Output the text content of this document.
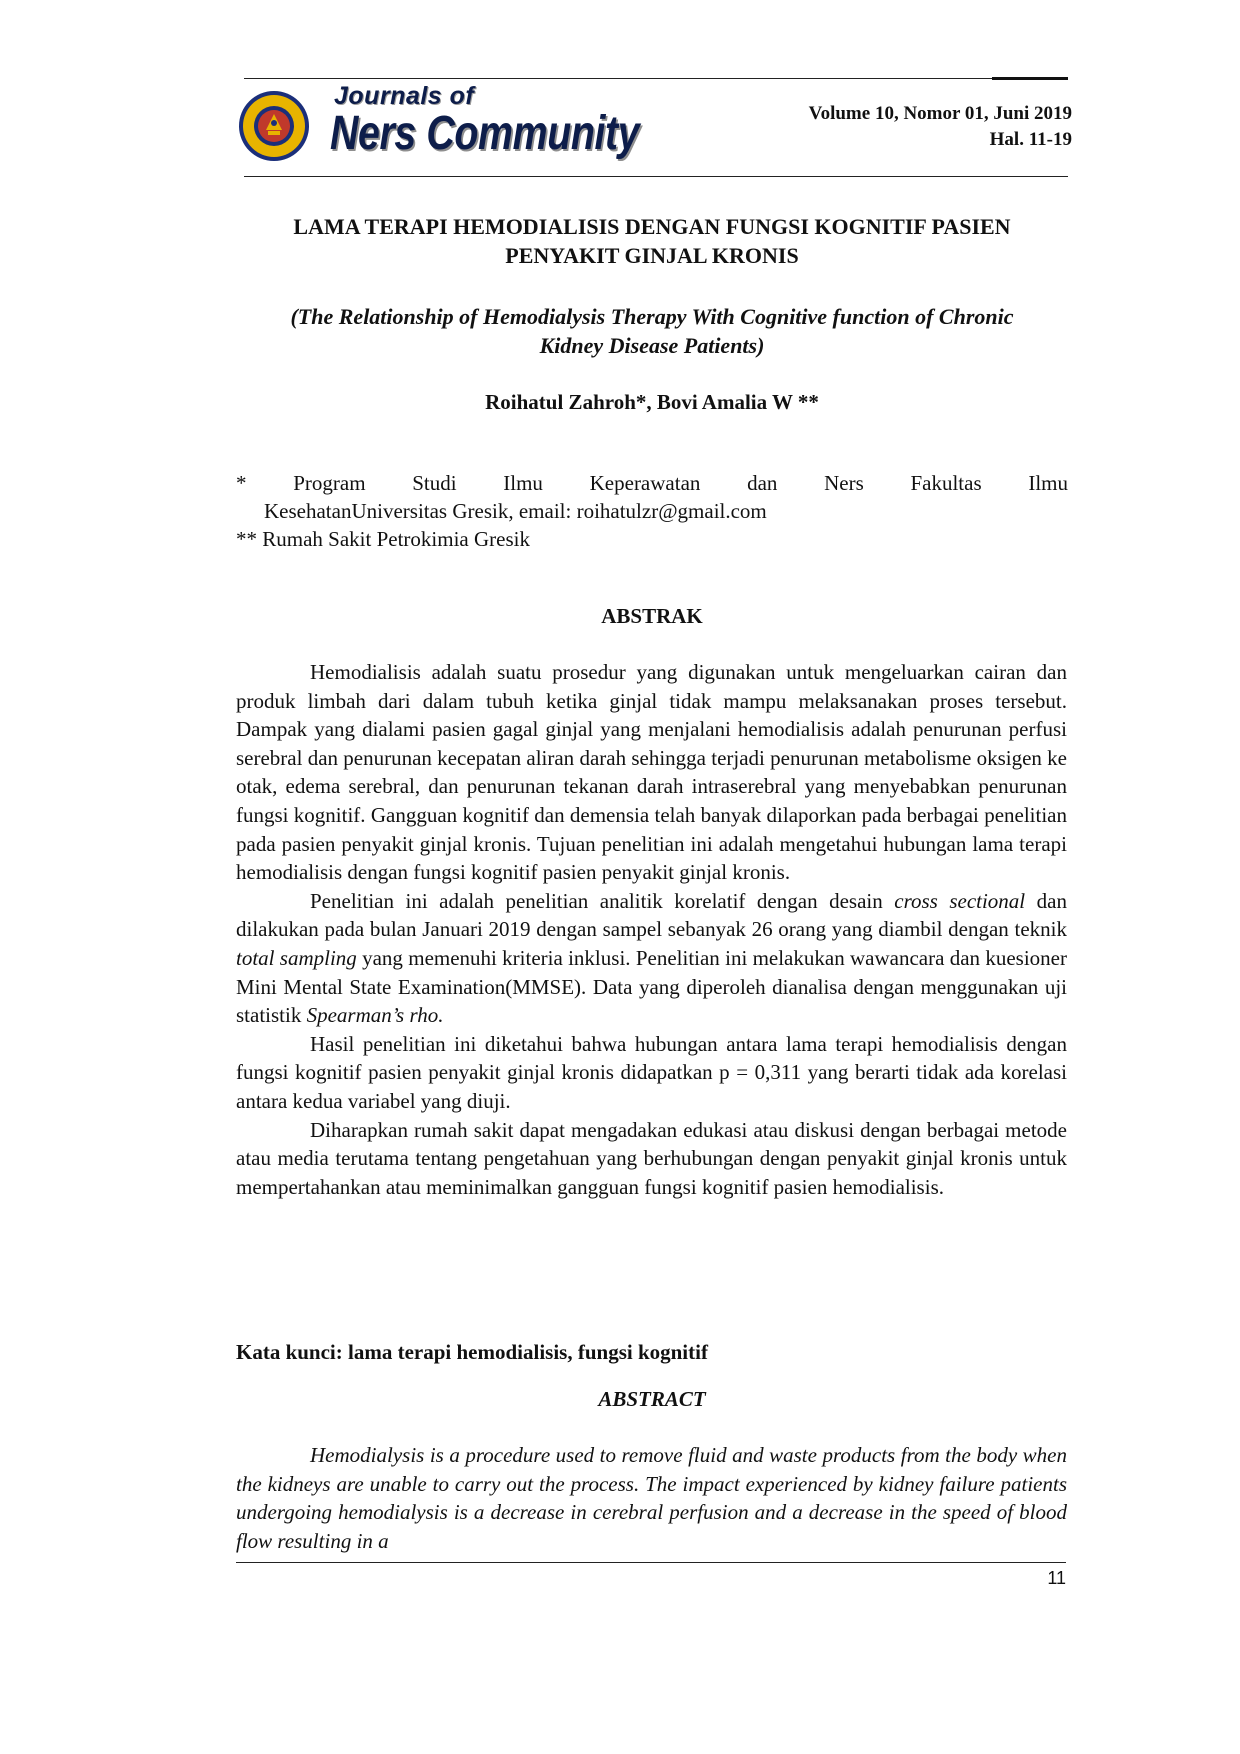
Journals of
Ners Community	Volume 10, Nomor 01, Juni 2019
Hal. 11-19
LAMA TERAPI HEMODIALISIS DENGAN FUNGSI KOGNITIF PASIEN
PENYAKIT GINJAL KRONIS
(The Relationship of Hemodialysis Therapy With Cognitive function of Chronic
Kidney Disease Patients)
Roihatul Zahroh*, Bovi Amalia W **
* Program Studi Ilmu Keperawatan dan Ners Fakultas Ilmu
KesehatanUniversitas Gresik, email: roihatulzr@gmail.com
** Rumah Sakit Petrokimia Gresik
ABSTRAK

Hemodialisis adalah suatu prosedur yang digunakan untuk mengeluarkan cairan dan produk limbah dari dalam tubuh ketika ginjal tidak mampu melaksanakan proses tersebut. Dampak yang dialami pasien gagal ginjal yang menjalani hemodialisis adalah penurunan perfusi serebral dan penurunan kecepatan aliran darah sehingga terjadi penurunan metabolisme oksigen ke otak, edema serebral, dan penurunan tekanan darah intraserebral yang menyebabkan penurunan fungsi kognitif. Gangguan kognitif dan demensia telah banyak dilaporkan pada berbagai penelitian pada pasien penyakit ginjal kronis. Tujuan penelitian ini adalah mengetahui hubungan lama terapi hemodialisis dengan fungsi kognitif pasien penyakit ginjal kronis.

Penelitian ini adalah penelitian analitik korelatif dengan desain cross sectional dan dilakukan pada bulan Januari 2019 dengan sampel sebanyak 26 orang yang diambil dengan teknik total sampling yang memenuhi kriteria inklusi. Penelitian ini melakukan wawancara dan kuesioner Mini Mental State Examination(MMSE). Data yang diperoleh dianalisa dengan menggunakan uji statistik Spearman’s rho.

Hasil penelitian ini diketahui bahwa hubungan antara lama terapi hemodialisis dengan fungsi kognitif pasien penyakit ginjal kronis didapatkan p = 0,311 yang berarti tidak ada korelasi antara kedua variabel yang diuji.

Diharapkan rumah sakit dapat mengadakan edukasi atau diskusi dengan berbagai metode atau media terutama tentang pengetahuan yang berhubungan dengan penyakit ginjal kronis untuk mempertahankan atau meminimalkan gangguan fungsi kognitif pasien hemodialisis.

Kata kunci: lama terapi hemodialisis, fungsi kognitif
ABSTRACT

Hemodialysis is a procedure used to remove fluid and waste products from the body when the kidneys are unable to carry out the process. The impact experienced by kidney failure patients undergoing hemodialysis is a decrease in cerebral perfusion and a decrease in the speed of blood flow resulting in a

11
